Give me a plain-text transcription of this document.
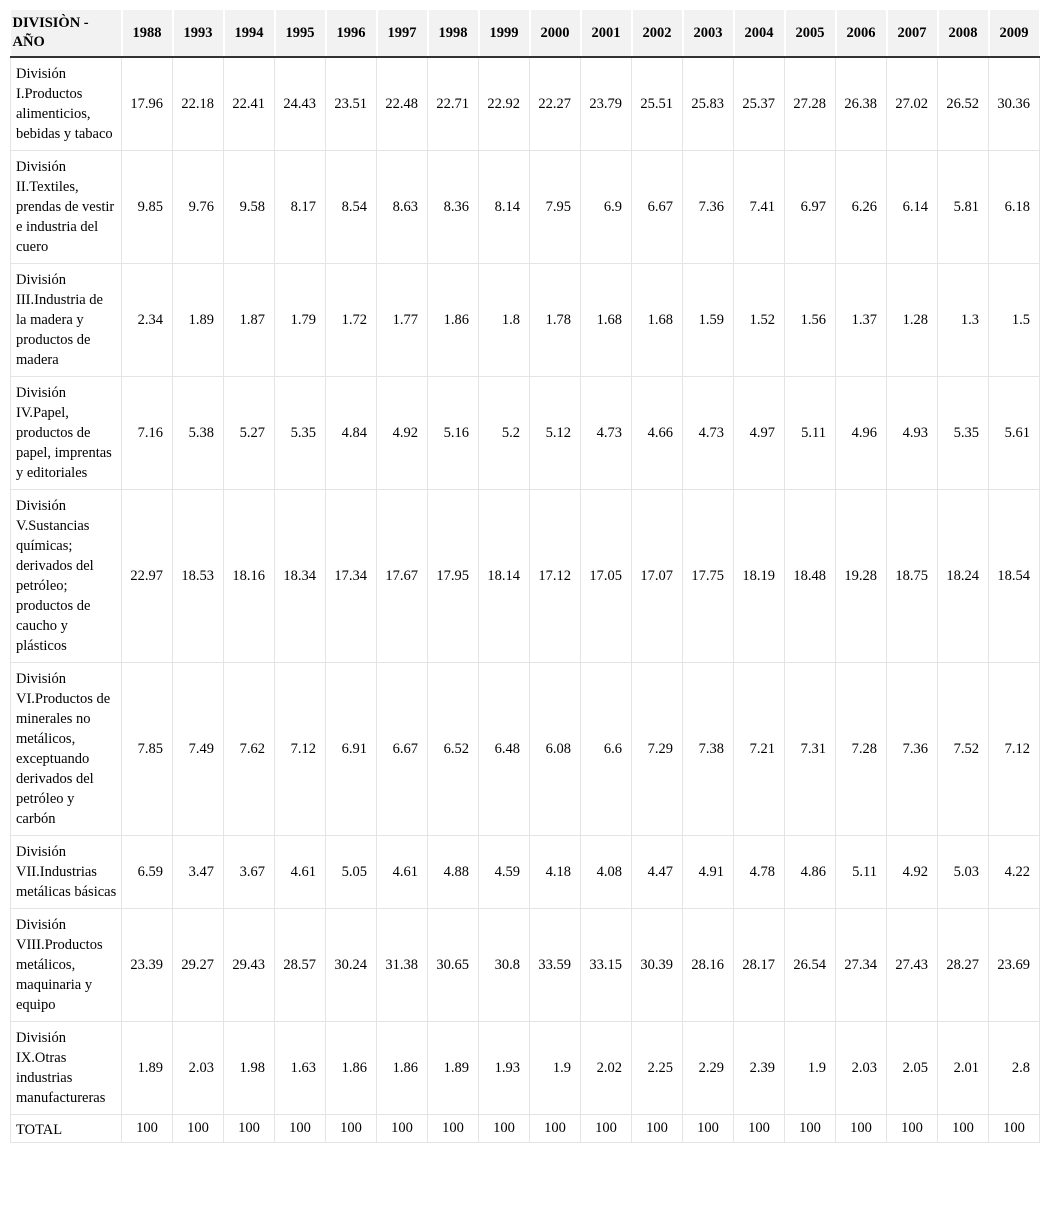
DIVISIÒN - AÑO	1988	1993	1994	1995	1996	1997	1998	1999	2000	2001	2002	2003	2004	2005	2006	2007	2008	2009
División I.Productos alimenticios, bebidas y tabaco	17.96	22.18	22.41	24.43	23.51	22.48	22.71	22.92	22.27	23.79	25.51	25.83	25.37	27.28	26.38	27.02	26.52	30.36
División II.Textiles, prendas de vestir e industria del cuero	9.85	9.76	9.58	8.17	8.54	8.63	8.36	8.14	7.95	6.9	6.67	7.36	7.41	6.97	6.26	6.14	5.81	6.18
División III.Industria de la madera y productos de madera	2.34	1.89	1.87	1.79	1.72	1.77	1.86	1.8	1.78	1.68	1.68	1.59	1.52	1.56	1.37	1.28	1.3	1.5
División IV.Papel, productos de papel, imprentas y editoriales	7.16	5.38	5.27	5.35	4.84	4.92	5.16	5.2	5.12	4.73	4.66	4.73	4.97	5.11	4.96	4.93	5.35	5.61
División V.Sustancias químicas; derivados del petróleo; productos de caucho y plásticos	22.97	18.53	18.16	18.34	17.34	17.67	17.95	18.14	17.12	17.05	17.07	17.75	18.19	18.48	19.28	18.75	18.24	18.54
División VI.Productos de minerales no metálicos, exceptuando derivados del petróleo y carbón	7.85	7.49	7.62	7.12	6.91	6.67	6.52	6.48	6.08	6.6	7.29	7.38	7.21	7.31	7.28	7.36	7.52	7.12
División VII.Industrias metálicas básicas	6.59	3.47	3.67	4.61	5.05	4.61	4.88	4.59	4.18	4.08	4.47	4.91	4.78	4.86	5.11	4.92	5.03	4.22
División VIII.Productos metálicos, maquinaria y equipo	23.39	29.27	29.43	28.57	30.24	31.38	30.65	30.8	33.59	33.15	30.39	28.16	28.17	26.54	27.34	27.43	28.27	23.69
División IX.Otras industrias manufactureras	1.89	2.03	1.98	1.63	1.86	1.86	1.89	1.93	1.9	2.02	2.25	2.29	2.39	1.9	2.03	2.05	2.01	2.8
TOTAL	100	100	100	100	100	100	100	100	100	100	100	100	100	100	100	100	100	100
